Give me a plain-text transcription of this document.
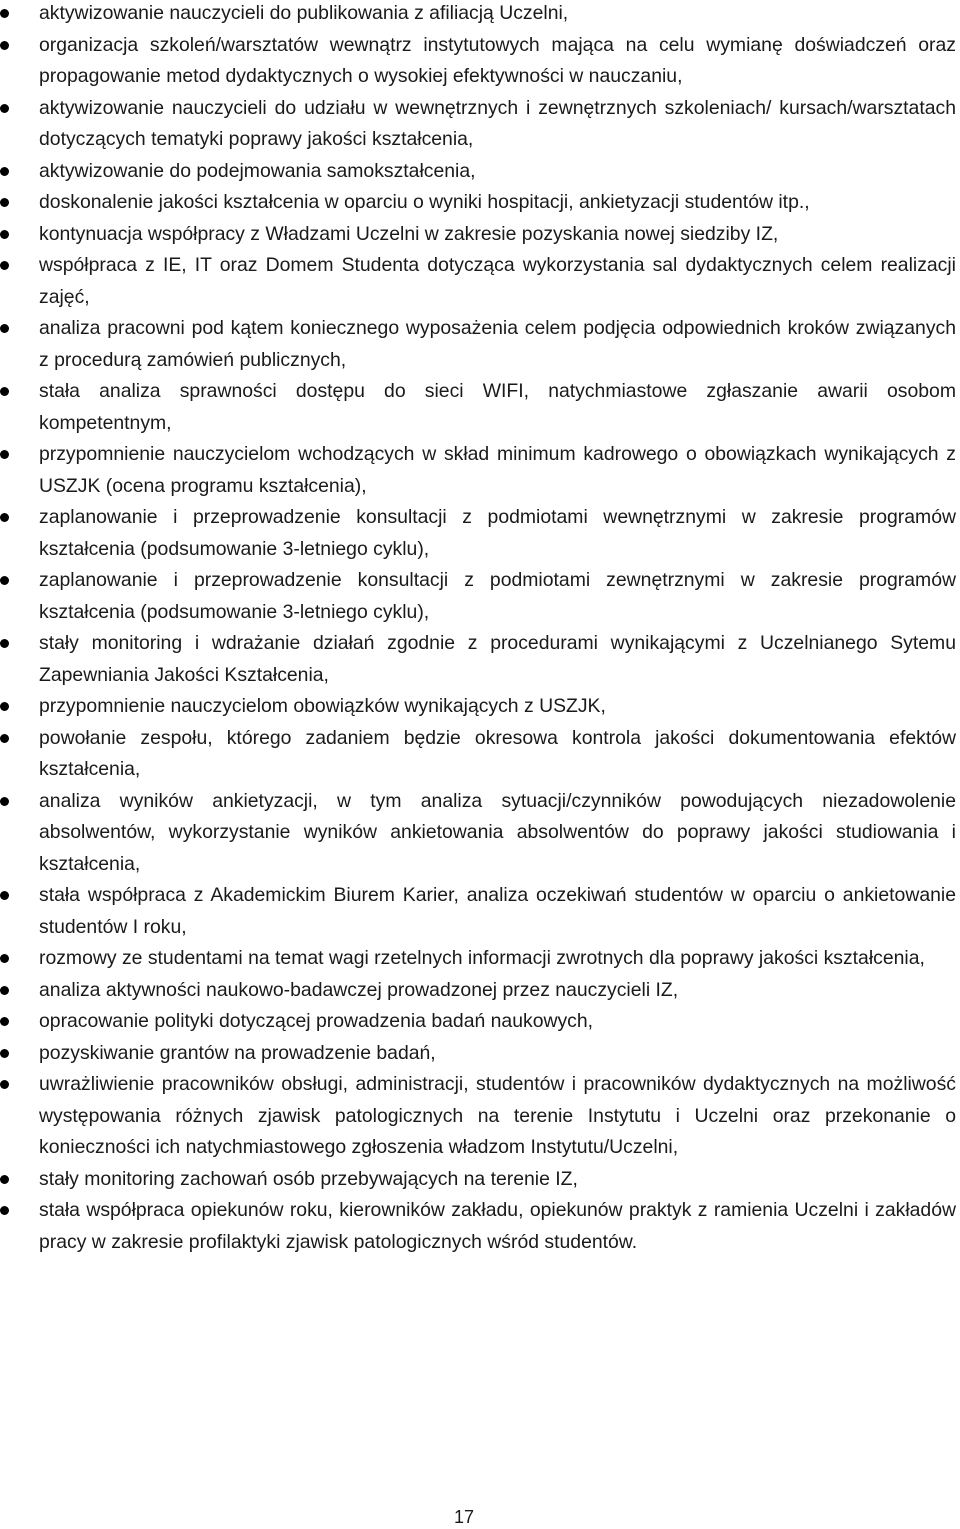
aktywizowanie nauczycieli do publikowania z afiliacją Uczelni,
organizacja szkoleń/warsztatów wewnątrz instytutowych mająca na celu wymianę doświadczeń oraz propagowanie metod dydaktycznych o wysokiej efektywności w nauczaniu,
aktywizowanie nauczycieli do udziału w wewnętrznych i zewnętrznych szkoleniach/ kursach/warsztatach dotyczących tematyki poprawy jakości kształcenia,
aktywizowanie do podejmowania samokształcenia,
doskonalenie jakości kształcenia w oparciu o wyniki hospitacji, ankietyzacji studentów itp.,
kontynuacja współpracy z Władzami Uczelni w zakresie pozyskania nowej siedziby IZ,
współpraca z IE, IT oraz Domem Studenta dotycząca wykorzystania sal dydaktycznych celem realizacji zajęć,
analiza pracowni pod kątem koniecznego wyposażenia celem podjęcia odpowiednich kroków związanych z procedurą zamówień publicznych,
stała analiza sprawności dostępu do sieci WIFI, natychmiastowe zgłaszanie awarii osobom kompetentnym,
przypomnienie nauczycielom wchodzących w skład minimum kadrowego o obowiązkach wynikających z USZJK (ocena programu kształcenia),
zaplanowanie i przeprowadzenie konsultacji z podmiotami wewnętrznymi w zakresie programów kształcenia (podsumowanie 3-letniego cyklu),
zaplanowanie i przeprowadzenie konsultacji z podmiotami zewnętrznymi w zakresie programów kształcenia (podsumowanie 3-letniego cyklu),
stały monitoring i wdrażanie działań zgodnie z procedurami wynikającymi z Uczelnianego Sytemu Zapewniania Jakości Kształcenia,
przypomnienie nauczycielom obowiązków wynikających z USZJK,
powołanie zespołu, którego zadaniem będzie okresowa kontrola jakości dokumentowania efektów kształcenia,
analiza wyników ankietyzacji, w tym analiza sytuacji/czynników powodujących niezadowolenie absolwentów, wykorzystanie wyników ankietowania absolwentów do poprawy jakości studiowania i kształcenia,
stała współpraca z Akademickim Biurem Karier, analiza oczekiwań studentów w oparciu o ankietowanie studentów I roku,
rozmowy ze studentami na temat wagi rzetelnych informacji zwrotnych dla poprawy jakości kształcenia,
analiza aktywności naukowo-badawczej prowadzonej przez nauczycieli IZ,
opracowanie polityki dotyczącej prowadzenia badań naukowych,
pozyskiwanie grantów na prowadzenie badań,
uwrażliwienie pracowników obsługi, administracji, studentów i pracowników dydaktycznych na możliwość występowania różnych zjawisk patologicznych na terenie Instytutu i Uczelni oraz przekonanie o konieczności ich natychmiastowego zgłoszenia władzom Instytutu/Uczelni,
stały monitoring zachowań osób przebywających na terenie IZ,
stała współpraca opiekunów roku, kierowników zakładu, opiekunów praktyk z ramienia Uczelni i zakładów pracy w zakresie profilaktyki zjawisk patologicznych wśród studentów.
17
